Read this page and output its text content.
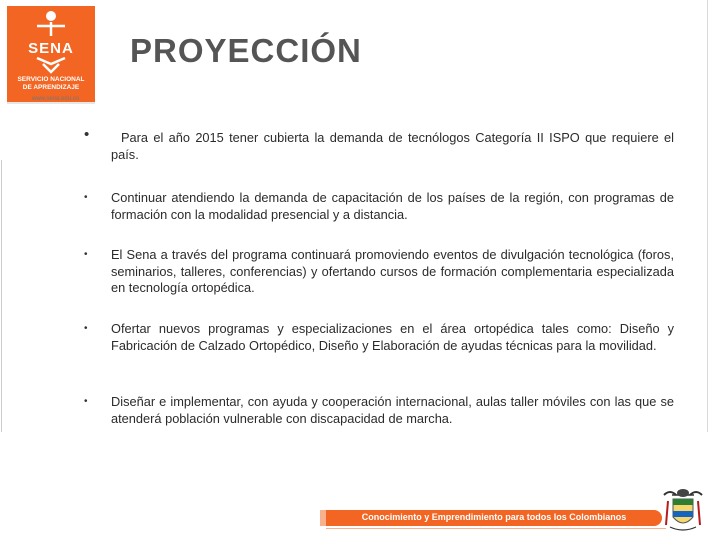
SENA
SERVICIO NACIONAL
DE APRENDIZAJE
www.sena.edu.co
PROYECCIÓN
•	Para el año 2015 tener cubierta la demanda de tecnólogos Categoría II ISPO que requiere el país.
•	Continuar atendiendo la demanda de capacitación de los países de la región, con programas de formación con la modalidad presencial y a distancia.
•	El Sena a través del programa continuará promoviendo eventos de divulgación tecnológica (foros, seminarios, talleres, conferencias) y ofertando cursos de formación complementaria especializada en tecnología ortopédica.
•	Ofertar nuevos programas y especializaciones en el área ortopédica tales como: Diseño y Fabricación de Calzado Ortopédico, Diseño y Elaboración de ayudas técnicas para la movilidad.
•	Diseñar e implementar, con ayuda y cooperación internacional, aulas taller móviles con las que se atenderá población vulnerable con discapacidad de marcha.
Conocimiento y Emprendimiento para todos los Colombianos
